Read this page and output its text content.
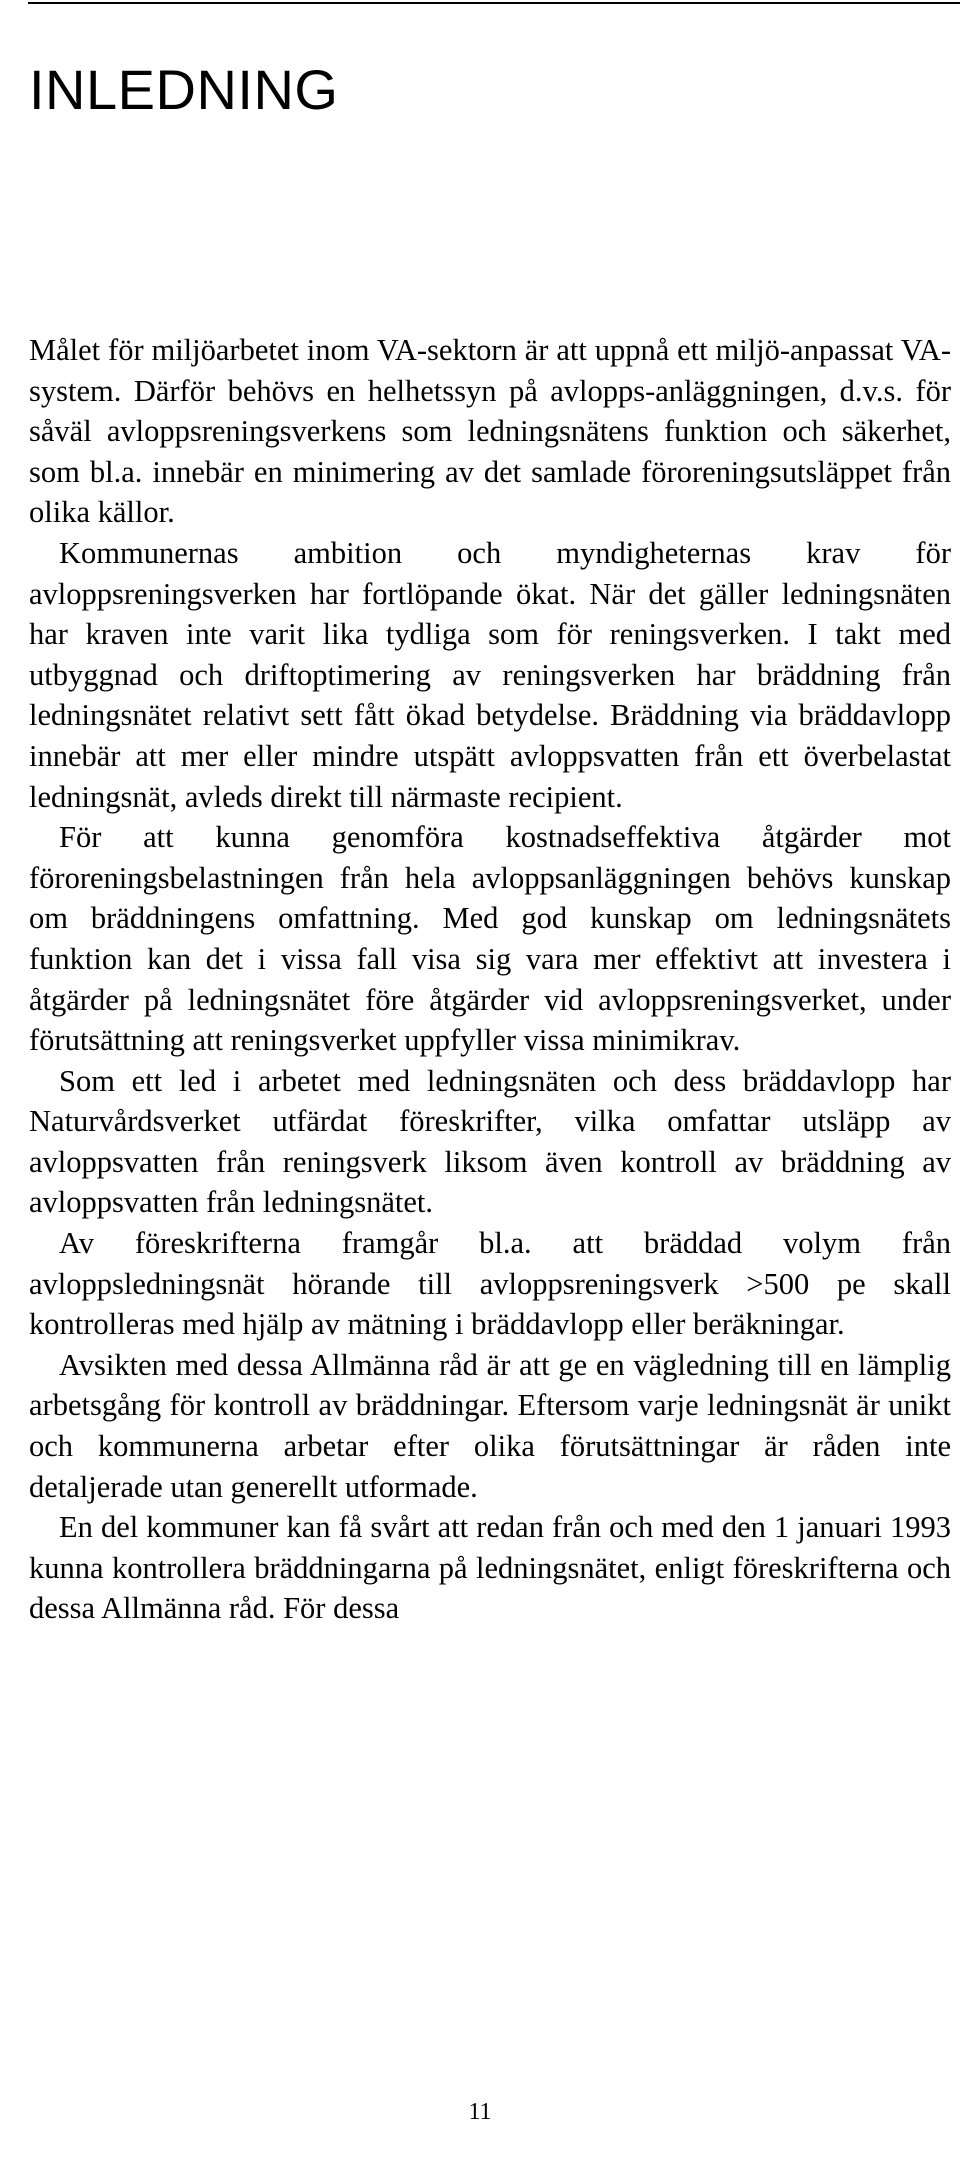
INLEDNING

Målet för miljöarbetet inom VA-sektorn är att uppnå ett miljö-anpassat VA-system. Därför behövs en helhetssyn på avlopps-anläggningen, d.v.s. för såväl avloppsreningsverkens som ledningsnätens funktion och säkerhet, som bl.a. innebär en minimering av det samlade föroreningsutsläppet från olika källor.

Kommunernas ambition och myndigheternas krav för avloppsreningsverken har fortlöpande ökat. När det gäller ledningsnäten har kraven inte varit lika tydliga som för reningsverken. I takt med utbyggnad och driftoptimering av reningsverken har bräddning från ledningsnätet relativt sett fått ökad betydelse. Bräddning via bräddavlopp innebär att mer eller mindre utspätt avloppsvatten från ett överbelastat ledningsnät, avleds direkt till närmaste recipient.

För att kunna genomföra kostnadseffektiva åtgärder mot föroreningsbelastningen från hela avloppsanläggningen behövs kunskap om bräddningens omfattning. Med god kunskap om ledningsnätets funktion kan det i vissa fall visa sig vara mer effektivt att investera i åtgärder på ledningsnätet före åtgärder vid avloppsreningsverket, under förutsättning att reningsverket uppfyller vissa minimikrav.

Som ett led i arbetet med ledningsnäten och dess bräddavlopp har Naturvårdsverket utfärdat föreskrifter, vilka omfattar utsläpp av avloppsvatten från reningsverk liksom även kontroll av bräddning av avloppsvatten från ledningsnätet.

Av föreskrifterna framgår bl.a. att bräddad volym från avloppsledningsnät hörande till avloppsreningsverk >500 pe skall kontrolleras med hjälp av mätning i bräddavlopp eller beräkningar.

Avsikten med dessa Allmänna råd är att ge en vägledning till en lämplig arbetsgång för kontroll av bräddningar. Eftersom varje ledningsnät är unikt och kommunerna arbetar efter olika förutsättningar är råden inte detaljerade utan generellt utformade.

En del kommuner kan få svårt att redan från och med den 1 januari 1993 kunna kontrollera bräddningarna på ledningsnätet, enligt föreskrifterna och dessa Allmänna råd. För dessa

11
